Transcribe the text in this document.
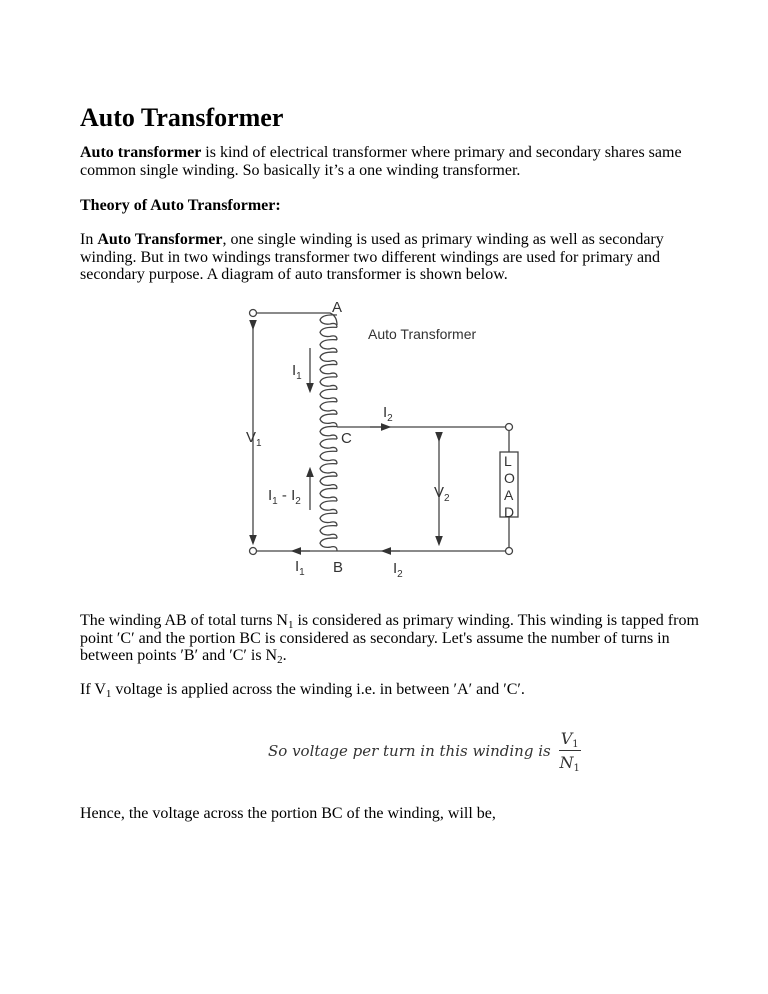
Auto Transformer

Auto transformer is kind of electrical transformer where primary and secondary shares same common single winding. So basically it’s a one winding transformer.

Theory of Auto Transformer:

In Auto Transformer, one single winding is used as primary winding as well as secondary winding. But in two windings transformer two different windings are used for primary and secondary purpose. A diagram of auto transformer is shown below.

A
Auto Transformer
$I_1$
$I_2$
$V_1$	C
$I_1 - I_2$
$V_2$
L
O
A
D
$I_1$ B	$I_2$

The winding AB of total turns $N_1$ is considered as primary winding. This winding is tapped from point ′C′ and the portion BC is considered as secondary. Let's assume the number of turns in between points ′B′ and ′C′ is $N_2$.

If $V_1$ voltage is applied across the winding i.e. in between ′A′ and ′C′.

So voltage per turn in this winding is $\frac{V_1}{N_1}$

Hence, the voltage across the portion BC of the winding, will be,
